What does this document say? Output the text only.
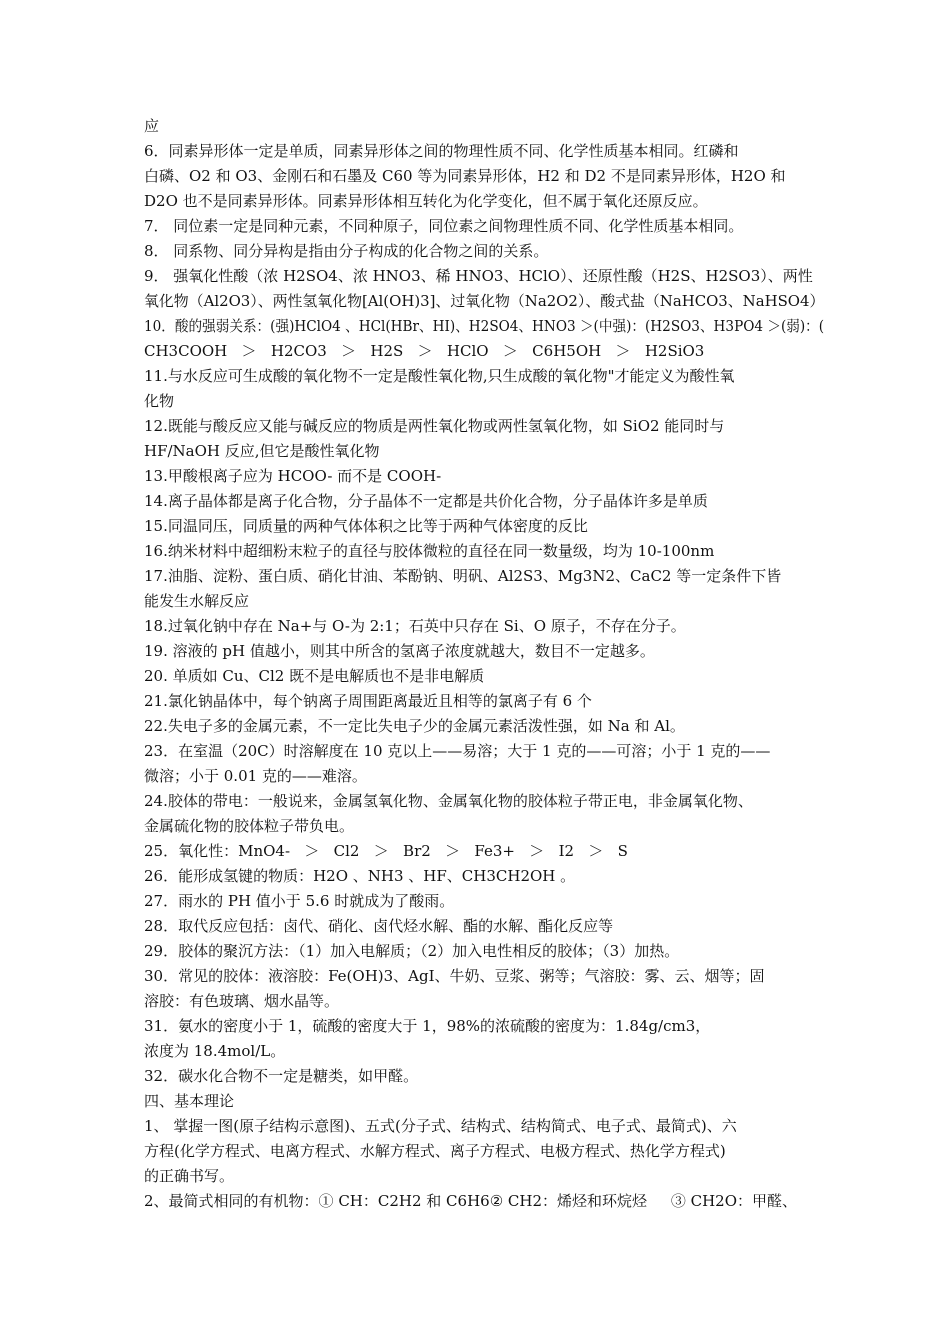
应
6．同素异形体一定是单质，同素异形体之间的物理性质不同、化学性质基本相同。红磷和
白磷、O2 和 O3、金刚石和石墨及 C60 等为同素异形体，H2 和 D2 不是同素异形体，H2O 和
D2O 也不是同素异形体。同素异形体相互转化为化学变化，但不属于氧化还原反应。
7． 同位素一定是同种元素，不同种原子，同位素之间物理性质不同、化学性质基本相同。
8． 同系物、同分异构是指由分子构成的化合物之间的关系。
9． 强氧化性酸（浓 H2SO4、浓 HNO3、稀 HNO3、HClO）、还原性酸（H2S、H2SO3）、两性
氧化物（Al2O3）、两性氢氧化物[Al(OH)3]、过氧化物（Na2O2）、酸式盐（NaHCO3、NaHSO4）
10．酸的强弱关系：(强)HClO4 、HCl(HBr、HI)、H2SO4、HNO3 ＞(中强)：(H2SO3、H3PO4 ＞(弱)：(
CH3COOH   ＞   H2CO3   ＞   H2S   ＞   HClO   ＞   C6H5OH   ＞   H2SiO3
11.与水反应可生成酸的氧化物不一定是酸性氧化物,只生成酸的氧化物"才能定义为酸性氧
化物
12.既能与酸反应又能与碱反应的物质是两性氧化物或两性氢氧化物，如 SiO2 能同时与
HF/NaOH 反应,但它是酸性氧化物
13.甲酸根离子应为 HCOO- 而不是 COOH-
14.离子晶体都是离子化合物，分子晶体不一定都是共价化合物，分子晶体许多是单质
15.同温同压，同质量的两种气体体积之比等于两种气体密度的反比
16.纳米材料中超细粉末粒子的直径与胶体微粒的直径在同一数量级，均为 10-100nm
17.油脂、淀粉、蛋白质、硝化甘油、苯酚钠、明矾、Al2S3、Mg3N2、CaC2 等一定条件下皆
能发生水解反应
18.过氧化钠中存在 Na+与 O-为 2:1；石英中只存在 Si、O 原子，不存在分子。
19. 溶液的 pH 值越小，则其中所含的氢离子浓度就越大，数目不一定越多。
20. 单质如 Cu、Cl2 既不是电解质也不是非电解质
21.氯化钠晶体中，每个钠离子周围距离最近且相等的氯离子有 6 个
22.失电子多的金属元素，不一定比失电子少的金属元素活泼性强，如 Na 和 Al。
23．在室温（20C）时溶解度在 10 克以上——易溶；大于 1 克的——可溶；小于 1 克的——
微溶；小于 0.01 克的——难溶。
24.胶体的带电：一般说来，金属氢氧化物、金属氧化物的胶体粒子带正电，非金属氧化物、
金属硫化物的胶体粒子带负电。
25．氧化性：MnO4-   ＞   Cl2   ＞   Br2   ＞   Fe3+   ＞   I2   ＞   S
26．能形成氢键的物质：H2O 、NH3 、HF、CH3CH2OH 。
27．雨水的 PH 值小于 5.6 时就成为了酸雨。
28．取代反应包括：卤代、硝化、卤代烃水解、酯的水解、酯化反应等
29．胶体的聚沉方法：（1）加入电解质；（2）加入电性相反的胶体；（3）加热。
30．常见的胶体：液溶胶：Fe(OH)3、AgI、牛奶、豆浆、粥等；气溶胶：雾、云、烟等；固
溶胶：有色玻璃、烟水晶等。
31．氨水的密度小于 1，硫酸的密度大于 1，98%的浓硫酸的密度为：1.84g/cm3，
浓度为 18.4mol/L。
32．碳水化合物不一定是糖类，如甲醛。
四、基本理论
1、 掌握一图(原子结构示意图)、五式(分子式、结构式、结构简式、电子式、最简式)、六
方程(化学方程式、电离方程式、水解方程式、离子方程式、电极方程式、热化学方程式)
的正确书写。
2、最简式相同的有机物：① CH：C2H2 和 C6H6② CH2：烯烃和环烷烃     ③ CH2O：甲醛、
